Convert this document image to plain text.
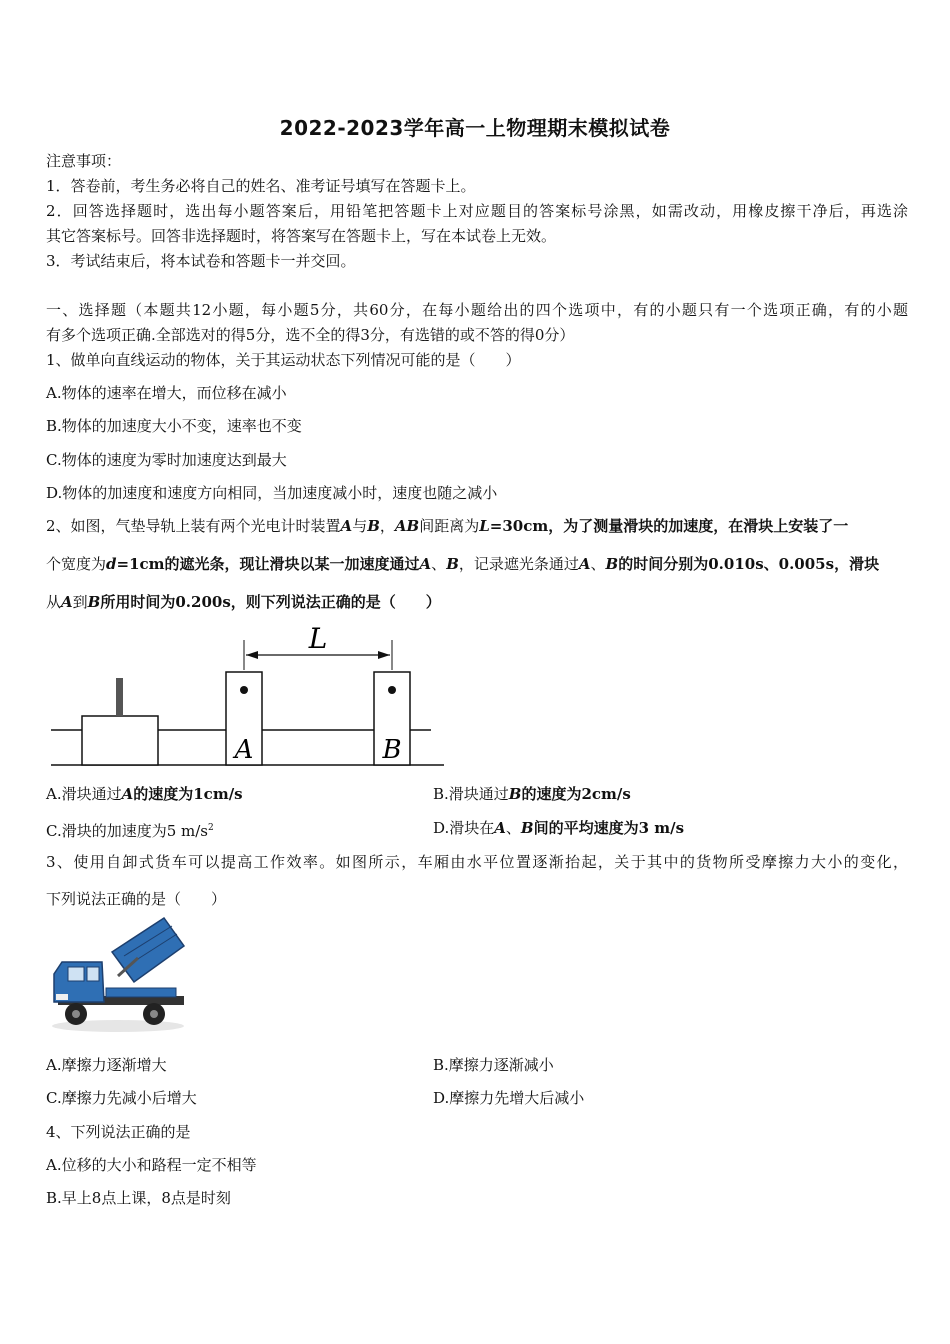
2022-2023学年高一上物理期末模拟试卷
注意事项：
1．答卷前，考生务必将自己的姓名、准考证号填写在答题卡上。
2．回答选择题时，选出每小题答案后，用铅笔把答题卡上对应题目的答案标号涂黑，如需改动，用橡皮擦干净后，再选涂
其它答案标号。回答非选择题时，将答案写在答题卡上，写在本试卷上无效。
3．考试结束后，将本试卷和答题卡一并交回。
一、选择题（本题共12小题，每小题5分，共60分，在每小题给出的四个选项中，有的小题只有一个选项正确，有的小题
有多个选项正确.全部选对的得5分，选不全的得3分，有选错的或不答的得0分）
1、做单向直线运动的物体，关于其运动状态下列情况可能的是（　　）
A.物体的速率在增大，而位移在减小
B.物体的加速度大小不变，速率也不变
C.物体的速度为零时加速度达到最大
D.物体的加速度和速度方向相同，当加速度减小时，速度也随之减小
2、如图，气垫导轨上装有两个光电计时装置A与B，AB间距离为L=30cm，为了测量滑块的加速度，在滑块上安装了一
个宽度为d=1cm的遮光条，现让滑块以某一加速度通过A、B，记录遮光条通过A、B的时间分别为0.010s、0.005s，滑块
从A到B所用时间为0.200s，则下列说法正确的是（　　）
L
A	B
A.滑块通过A的速度为1cm/s	B.滑块通过B的速度为2cm/s
C.滑块的加速度为5 $m/s^2$	D.滑块在A、B间的平均速度为3 m/s
3、使用自卸式货车可以提高工作效率。如图所示，车厢由水平位置逐渐抬起，关于其中的货物所受摩擦力大小的变化，
下列说法正确的是（　　）
A.摩擦力逐渐增大	B.摩擦力逐渐减小
C.摩擦力先减小后增大	D.摩擦力先增大后减小
4、下列说法正确的是
A.位移的大小和路程一定不相等
B.早上8点上课，8点是时刻
